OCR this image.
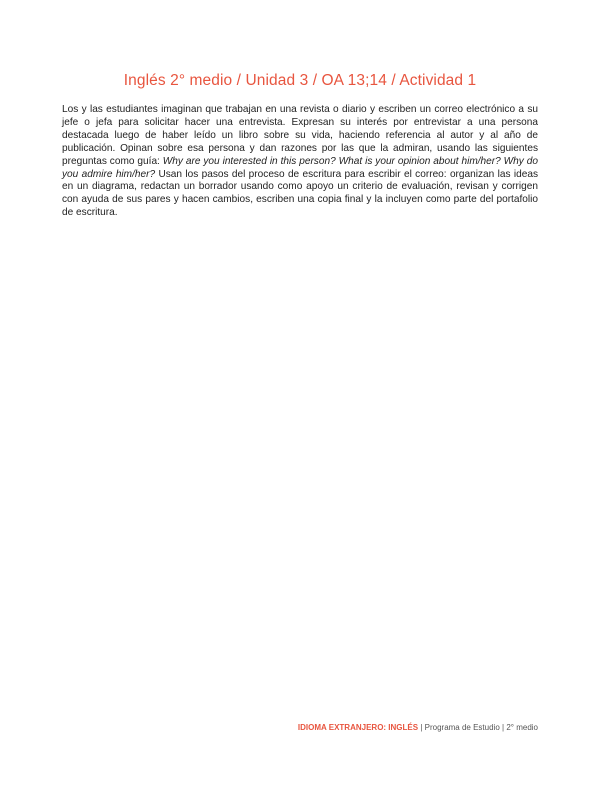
Inglés 2° medio / Unidad 3 / OA 13;14 / Actividad 1
Los y las estudiantes imaginan que trabajan en una revista o diario y escriben un correo electrónico a su jefe o jefa para solicitar hacer una entrevista. Expresan su interés por entrevistar a una persona destacada luego de haber leído un libro sobre su vida, haciendo referencia al autor y al año de publicación. Opinan sobre esa persona y dan razones por las que la admiran, usando las siguientes preguntas como guía: Why are you interested in this person? What is your opinion about him/her? Why do you admire him/her? Usan los pasos del proceso de escritura para escribir el correo: organizan las ideas en un diagrama, redactan un borrador usando como apoyo un criterio de evaluación, revisan y corrigen con ayuda de sus pares y hacen cambios, escriben una copia final y la incluyen como parte del portafolio de escritura.
IDIOMA EXTRANJERO: INGLÉS | Programa de Estudio | 2° medio
